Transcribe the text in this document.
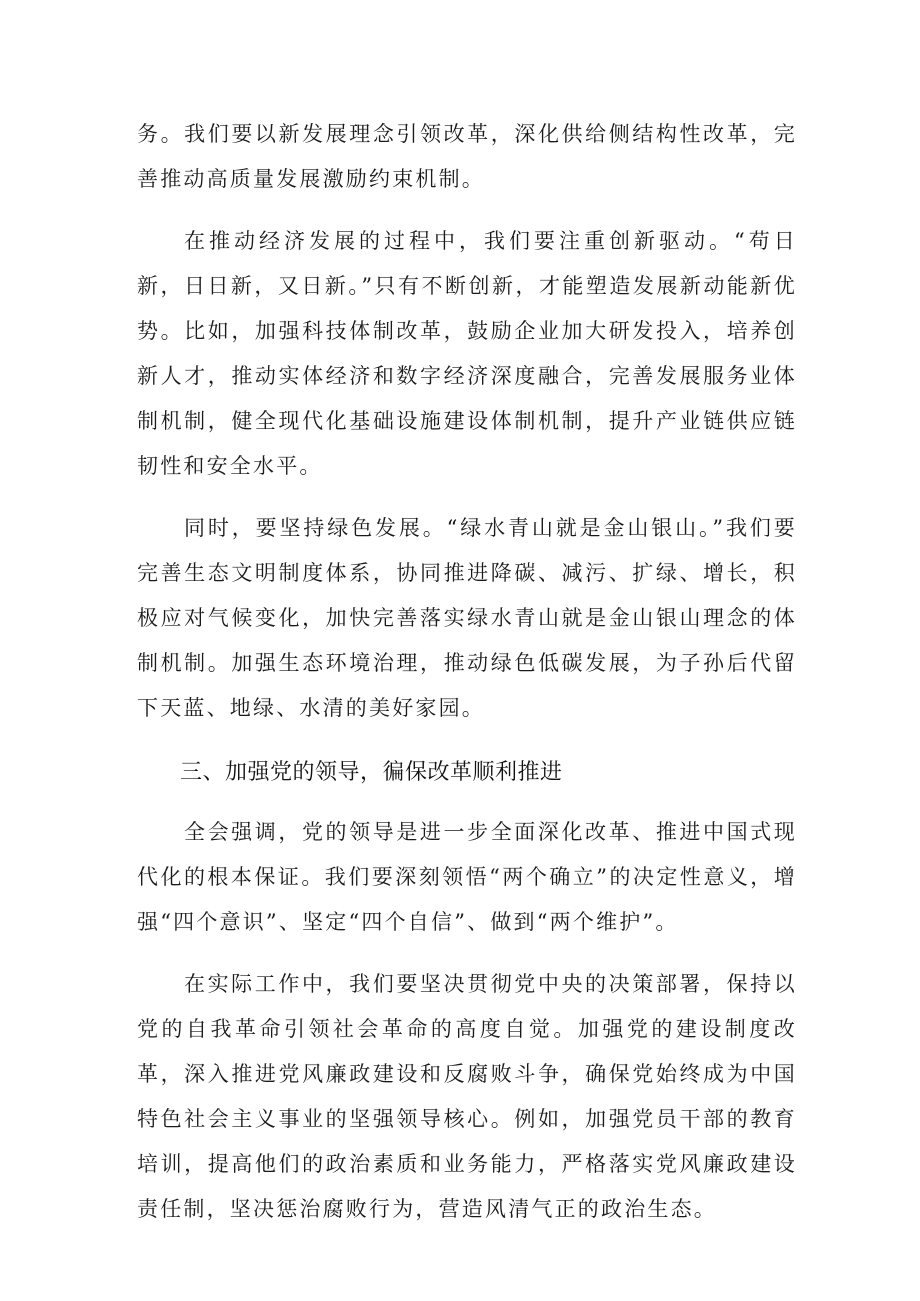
务。我们要以新发展理念引领改革，深化供给侧结构性改革，完善推动高质量发展激励约束机制。

在推动经济发展的过程中，我们要注重创新驱动。“苟日新，日日新，又日新。”只有不断创新，才能塑造发展新动能新优势。比如，加强科技体制改革，鼓励企业加大研发投入，培养创新人才，推动实体经济和数字经济深度融合，完善发展服务业体制机制，健全现代化基础设施建设体制机制，提升产业链供应链韧性和安全水平。

同时，要坚持绿色发展。“绿水青山就是金山银山。”我们要完善生态文明制度体系，协同推进降碳、减污、扩绿、增长，积极应对气候变化，加快完善落实绿水青山就是金山银山理念的体制机制。加强生态环境治理，推动绿色低碳发展，为子孙后代留下天蓝、地绿、水清的美好家园。

三、加强党的领导，徧保改革顺利推进

全会强调，党的领导是进一步全面深化改革、推进中国式现代化的根本保证。我们要深刻领悟“两个确立”的决定性意义，增强“四个意识”、坚定“四个自信”、做到“两个维护”。

在实际工作中，我们要坚决贯彻党中央的决策部署，保持以党的自我革命引领社会革命的高度自觉。加强党的建设制度改革，深入推进党风廉政建设和反腐败斗争，确保党始终成为中国特色社会主义事业的坚强领导核心。例如，加强党员干部的教育培训，提高他们的政治素质和业务能力，严格落实党风廉政建设责任制，坚决惩治腐败行为，营造风清气正的政治生态。
